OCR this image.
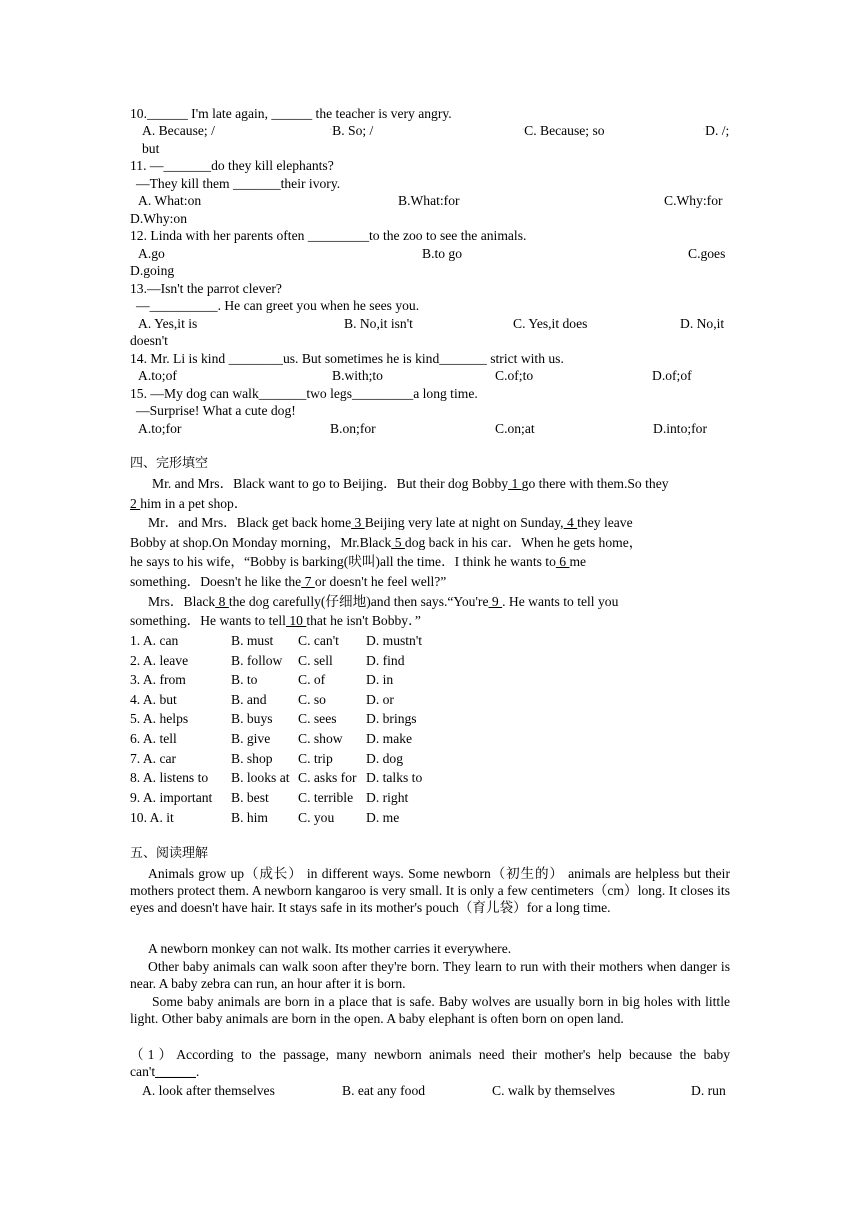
10.______ I'm late again, ______ the teacher is very angry.
A. Because; /	◦B. So; /	◦C. Because; so	◦D. /;
but
11. —_______do they kill elephants?
—They kill them _______their ivory.
A. What:on	B.What:for	C.Why:for
D.Why:on
12. Linda with her parents often _________to the zoo to see the animals.
A.go	B.to go	C.goes
D.going
13.—Isn't the parrot clever?
—__________. He can greet you when he sees you.
A. Yes,it is	B. No,it isn't	C. Yes,it does	D. No,it
doesn't
14. Mr. Li is kind ________us. But sometimes he is kind_______ strict with us.
A.to;of	B.with;to	C.of;to	D.of;of
15. —My dog can walk_______two legs_________a long time.
—Surprise! What a cute dog!
A.to;for	B.on;for	C.on;at	D.into;for
四、完形填空
Mr. and Mrs．Black want to go to Beijing．But their dog Bobby 1 go there with them.So they
2 him in a pet shop．
Mr．and Mrs．Black get back home 3 Beijing very late at night on Sunday, 4 they leave
Bobby at shop.On Monday morning，Mr.Black 5 dog back in his car．When he gets home，
he says to his wife，“Bobby is barking(吠叫)all the time．I think he wants to 6 me
something．Doesn't he like the 7 or doesn't he feel well?”
Mrs．Black 8 the dog carefully(仔细地)and then says.“You're 9 . He wants to tell you
something．He wants to tell 10 that he isn't Bobby．”
1. A. can	B. must C. can't D. mustn't
2. A. leave	B. follow C. sell D. find
3. A. from	B. to	C. of	D. in
4. A. but	B. and C. so	D. or
5. A. helps	B. buys C. sees D. brings
6. A. tell	B. give C. show D. make
7. A. car	B. shop C. trip D. dog
8. A. listens to B. looks at C. asks for D. talks to
9. A. important B. best C. terrible D. right
10. A. it	B. him C. you D. me
五、阅读理解
Animals grow up（成长） in different ways. Some newborn（初生的） animals are helpless but their mothers protect them. A newborn kangaroo is very small. It is only a few centimeters（cm）long. It closes its eyes and doesn't have hair. It stays safe in its mother's pouch（育儿袋）for a long time.
A newborn monkey can not walk. Its mother carries it everywhere.
Other baby animals can walk soon after they're born. They learn to run with their mothers when danger is near. A baby zebra can run, an hour after it is born.
Some baby animals are born in a place that is safe. Baby wolves are usually born in big holes with little light. Other baby animals are born in the open. A baby elephant is often born on open land.
（1）According to the passage, many newborn animals need their mother's help because the baby can't______.
A. look after themselves	B. eat any food	C. walk by themselves	D. run
